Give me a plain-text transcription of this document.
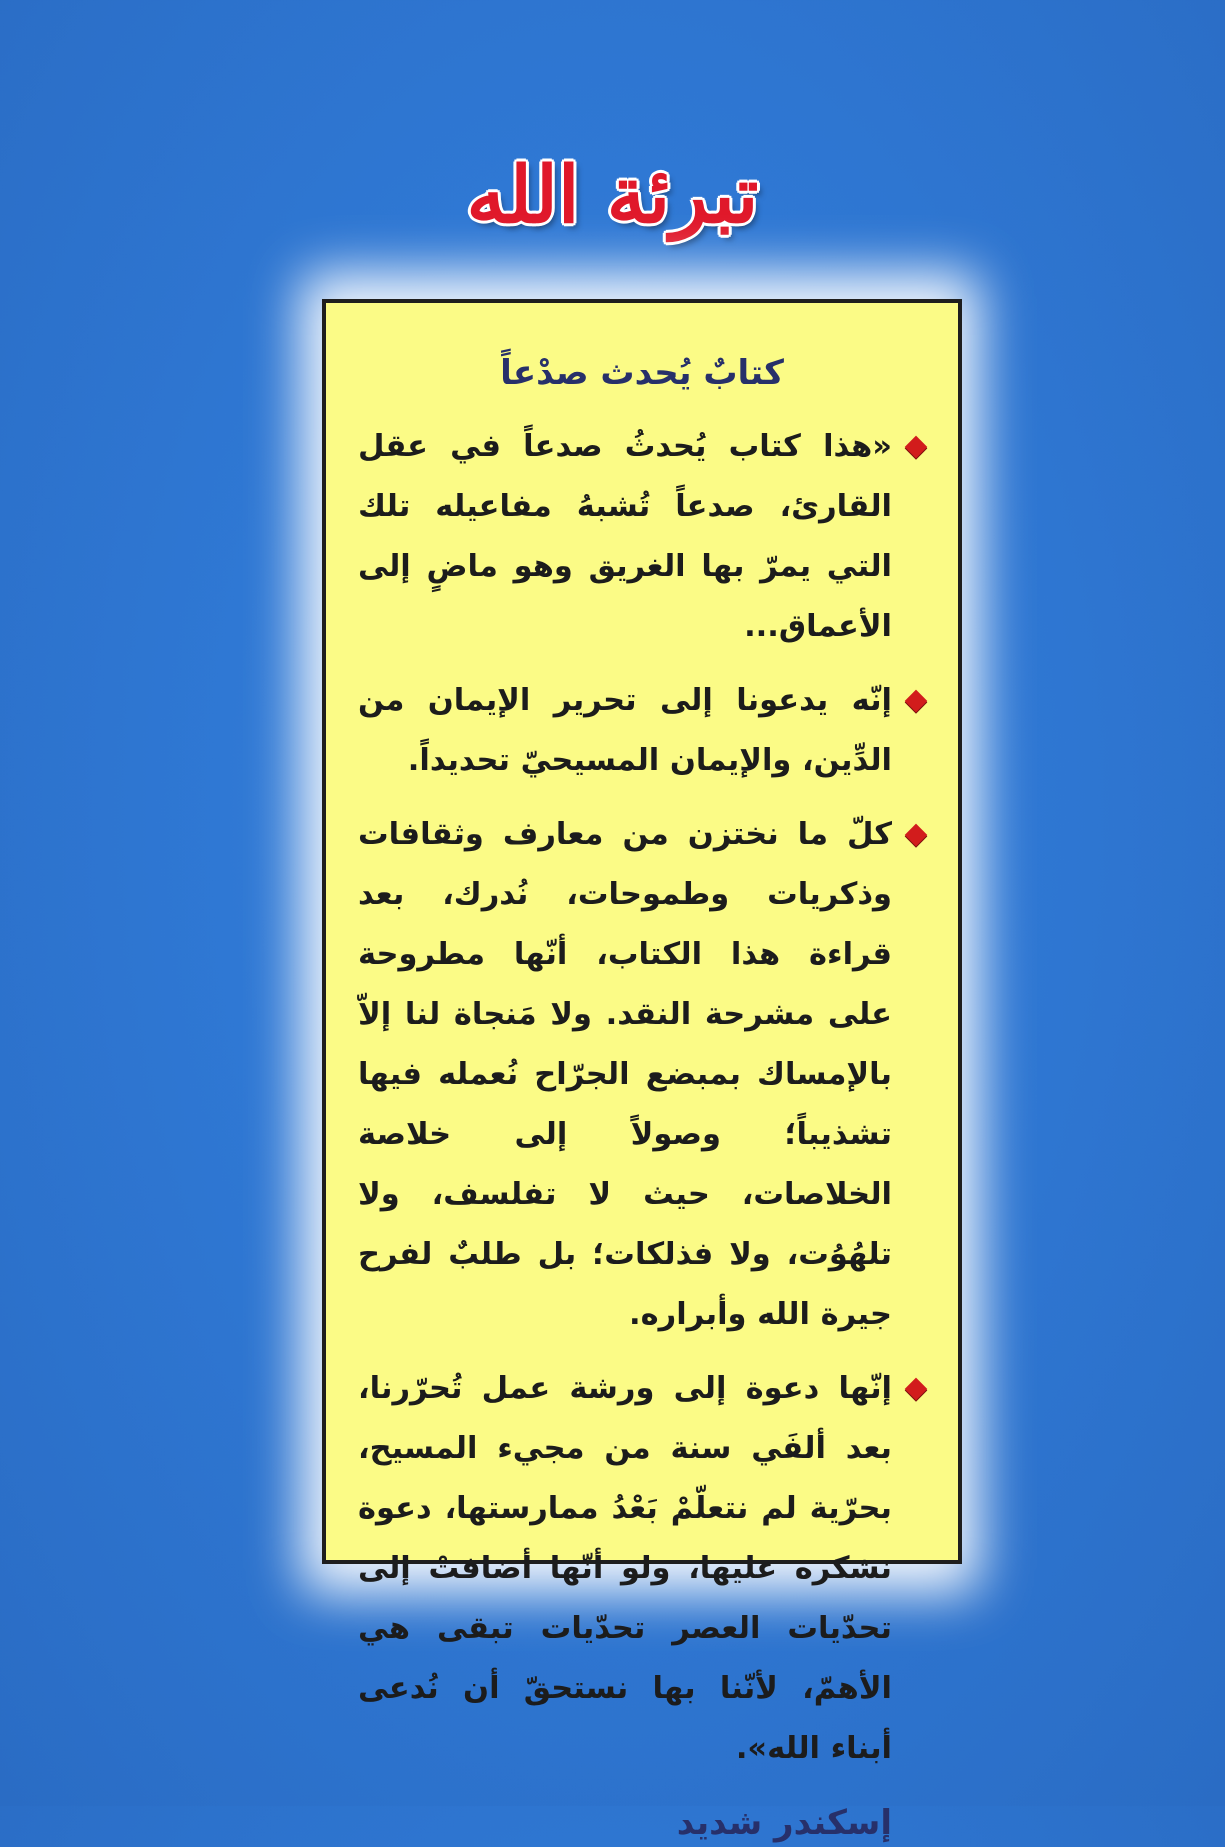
تبرئة الله
كتابٌ يُحدث صدْعاً
«هذا كتاب يُحدثُ صدعاً في عقل القارئ، صدعاً تُشبهُ مفاعيله تلك التي يمرّ بها الغريق وهو ماضٍ إلى الأعماق...
إنّه يدعونا إلى تحرير الإيمان من الدِّين، والإيمان المسيحيّ تحديداً.
كلّ ما نختزن من معارف وثقافات وذكريات وطموحات، نُدرك، بعد قراءة هذا الكتاب، أنّها مطروحة على مشرحة النقد. ولا مَنجاة لنا إلاّ بالإمساك بمبضع الجرّاح نُعمله فيها تشذيباً؛ وصولاً إلى خلاصة الخلاصات، حيث لا تفلسف، ولا تلهُوُت، ولا فذلكات؛ بل طلبٌ لفرح جيرة الله وأبراره.
إنّها دعوة إلى ورشة عمل تُحرّرنا، بعد ألفَي سنة من مجيء المسيح، بحرّية لم نتعلّمْ بَعْدُ ممارستها، دعوة نشكره عليها، ولو أنّها أضافتْ إلى تحدّيات العصر تحدّيات تبقى هي الأهمّ، لأنّنا بها نستحقّ أن نُدعى أبناء الله».
إسكندر شديد
